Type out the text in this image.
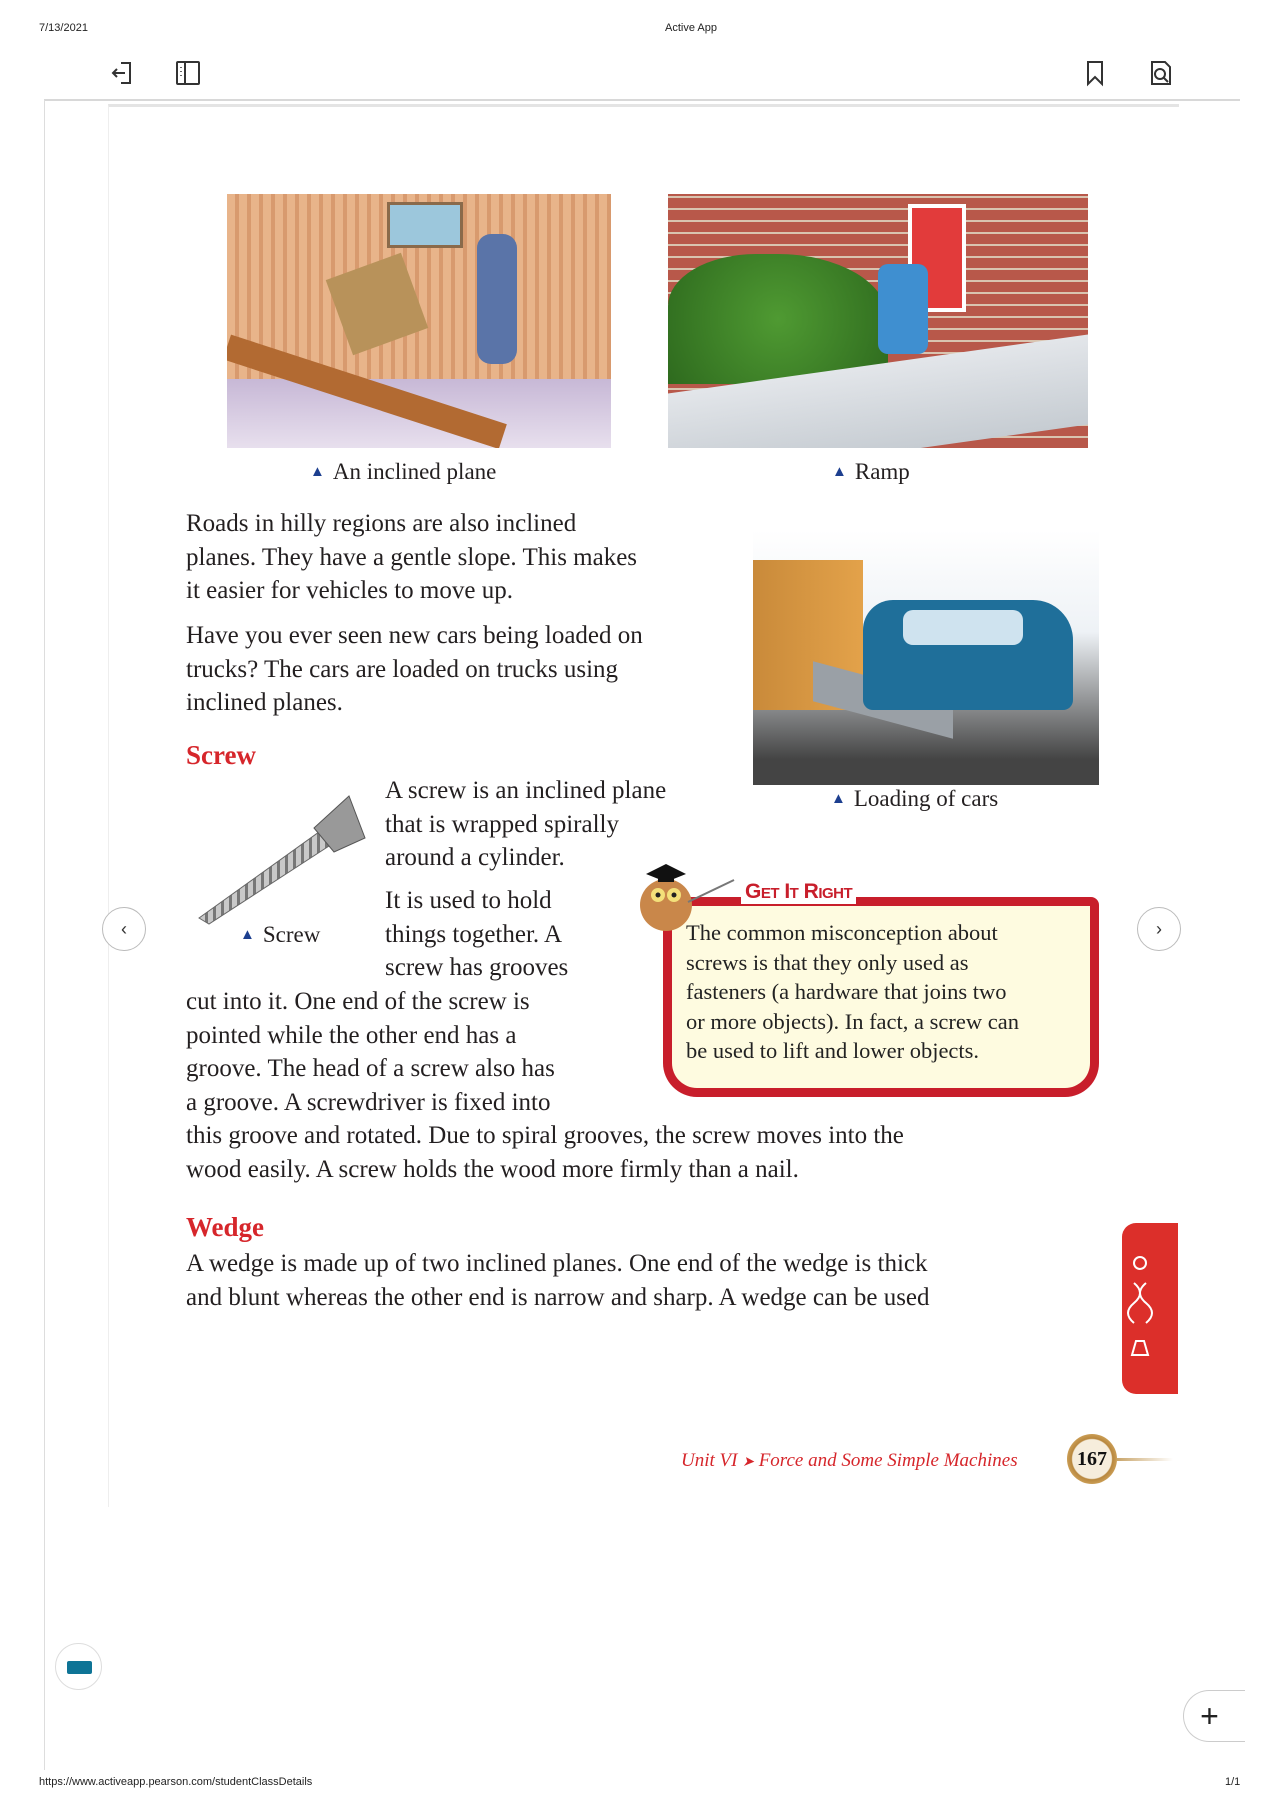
7/13/2021	Active App
▲ An inclined plane	▲ Ramp
Roads in hilly regions are also inclined
planes. They have a gentle slope. This makes
it easier for vehicles to move up.
Have you ever seen new cars being loaded on
trucks? The cars are loaded on trucks using
inclined planes.
▲ Loading of cars
Screw
▲ Screw
A screw is an inclined plane
that is wrapped spirally
around a cylinder.
It is used to hold
things together. A
screw has grooves
cut into it. One end of the screw is
pointed while the other end has a
groove. The head of a screw also has
a groove. A screwdriver is fixed into
this groove and rotated. Due to spiral grooves, the screw moves into the
wood easily. A screw holds the wood more firmly than a nail.
Get It Right
The common misconception about
screws is that they only used as
fasteners (a hardware that joins two
or more objects). In fact, a screw can
be used to lift and lower objects.
Wedge
A wedge is made up of two inclined planes. One end of the wedge is thick
and blunt whereas the other end is narrow and sharp. A wedge can be used
Unit VI ➤ Force and Some Simple Machines	167
‹	›
+
https://www.activeapp.pearson.com/studentClassDetails	1/1
